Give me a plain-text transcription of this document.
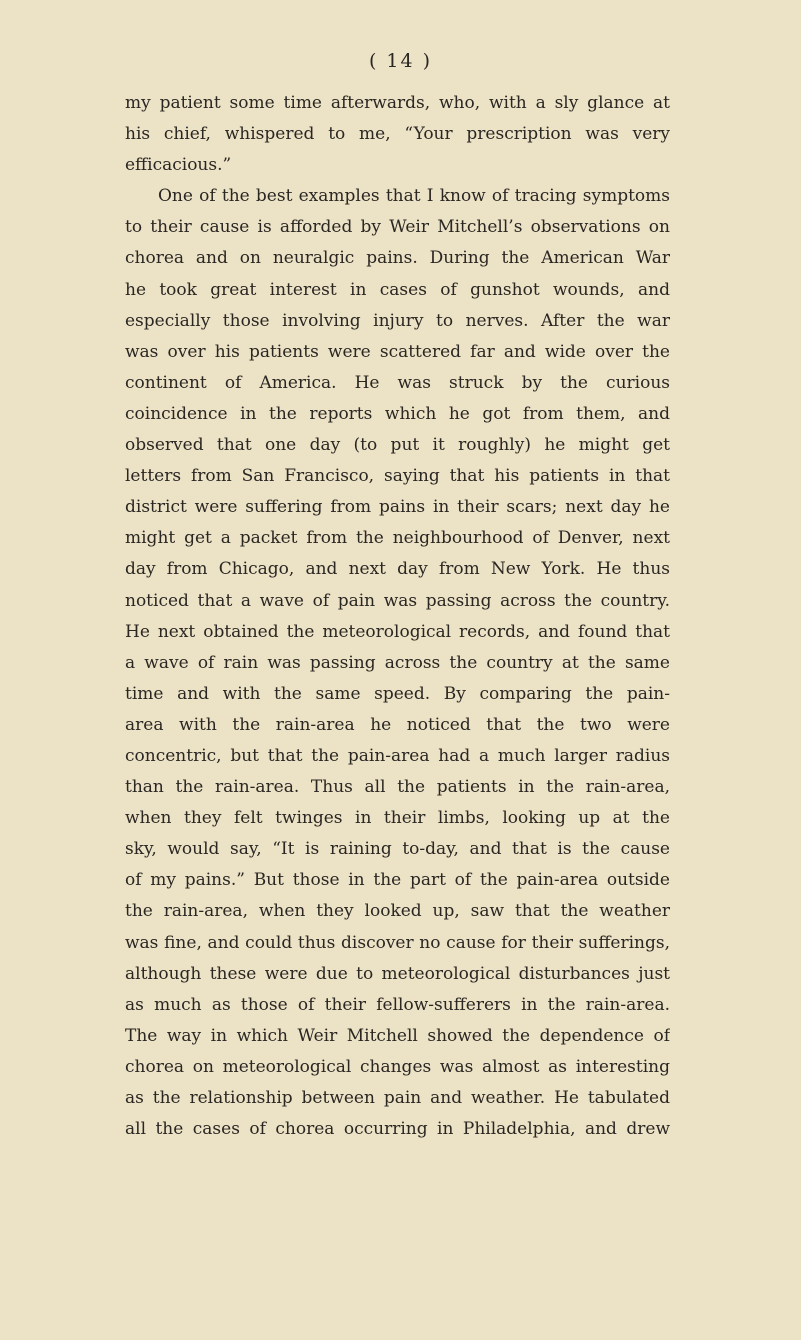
( 14 )
my patient some time afterwards, who, with a sly glance at
his chief, whispered to me, “Your prescription was very
efficacious.”
One of the best examples that I know of tracing symptoms
to their cause is afforded by Weir Mitchell’s observations on
chorea and on neuralgic pains. During the American War
he took great interest in cases of gunshot wounds, and
especially those involving injury to nerves. After the war
was over his patients were scattered far and wide over the
continent of America. He was struck by the curious
coincidence in the reports which he got from them, and
observed that one day (to put it roughly) he might get
letters from San Francisco, saying that his patients in that
district were suffering from pains in their scars; next day he
might get a packet from the neighbourhood of Denver, next
day from Chicago, and next day from New York. He thus
noticed that a wave of pain was passing across the country.
He next obtained the meteorological records, and found that
a wave of rain was passing across the country at the same
time and with the same speed. By comparing the pain-
area with the rain-area he noticed that the two were
concentric, but that the pain-area had a much larger radius
than the rain-area. Thus all the patients in the rain-area,
when they felt twinges in their limbs, looking up at the
sky, would say, “It is raining to-day, and that is the cause
of my pains.” But those in the part of the pain-area outside
the rain-area, when they looked up, saw that the weather
was fine, and could thus discover no cause for their sufferings,
although these were due to meteorological disturbances just
as much as those of their fellow-sufferers in the rain-area.
The way in which Weir Mitchell showed the dependence of
chorea on meteorological changes was almost as interesting
as the relationship between pain and weather. He tabulated
all the cases of chorea occurring in Philadelphia, and drew
